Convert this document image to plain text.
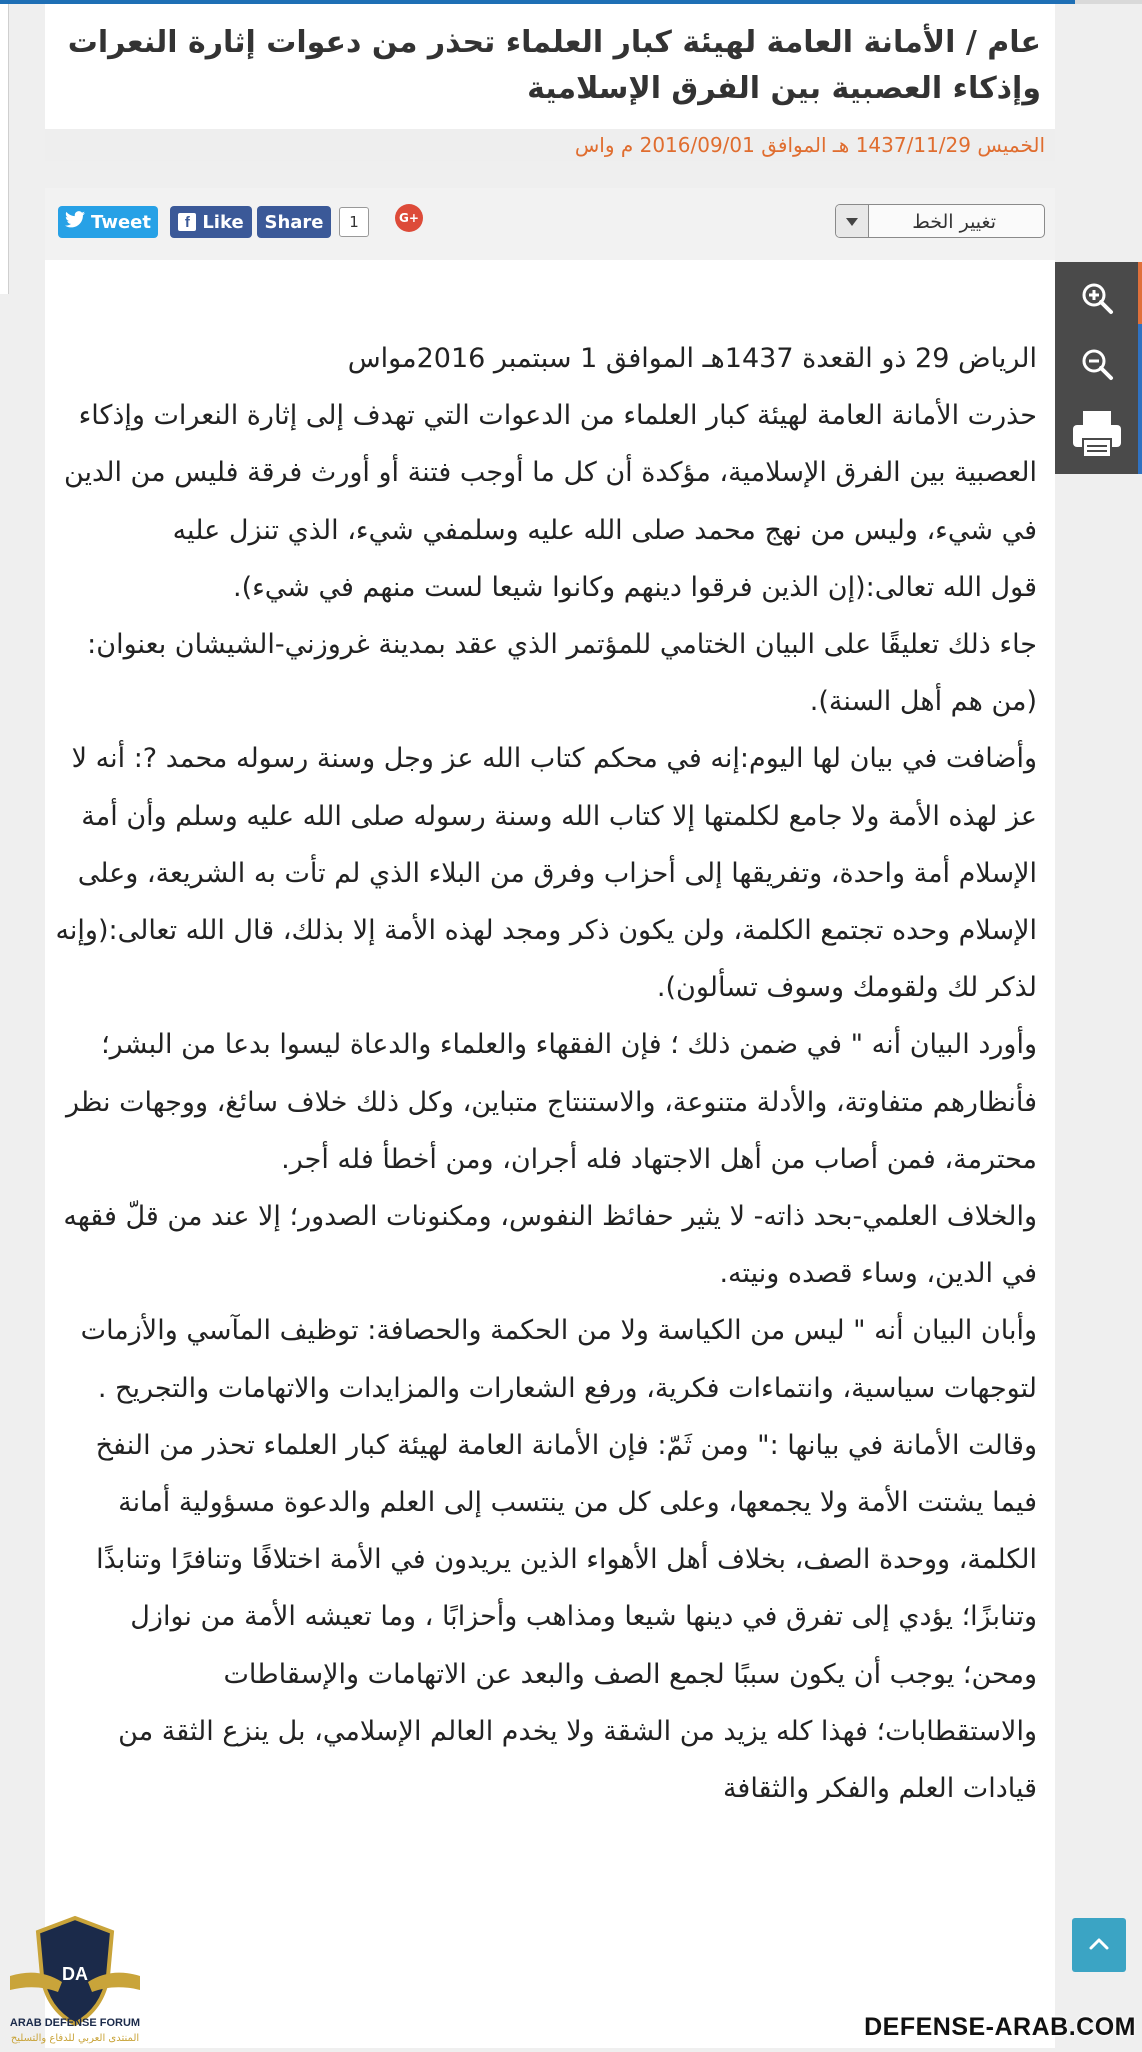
عام / الأمانة العامة لهيئة كبار العلماء تحذر من دعوات إثارة النعرات وإذكاء العصبية بين الفرق الإسلامية
الخميس 1437/11/29 هـ الموافق 2016/09/01 م واس
Tweet	f Like Share	1	G+	تغيير الخط

الرياض 29 ذو القعدة 1437هـ الموافق 1 سبتمبر 2016مواس

حذرت الأمانة العامة لهيئة كبار العلماء من الدعوات التي تهدف إلى إثارة النعرات وإذكاء العصبية بين الفرق الإسلامية، مؤكدة أن كل ما أوجب فتنة أو أورث فرقة فليس من الدين في شيء، وليس من نهج محمد صلى الله عليه وسلمفي شيء، الذي تنزل عليه

قول الله تعالى:(إن الذين فرقوا دينهم وكانوا شيعا لست منهم في شيء).

جاء ذلك تعليقًا على البيان الختامي للمؤتمر الذي عقد بمدينة غروزني-الشيشان بعنوان:(من هم أهل السنة).

وأضافت في بيان لها اليوم:إنه في محكم كتاب الله عز وجل وسنة رسوله محمد ?: أنه لا عز لهذه الأمة ولا جامع لكلمتها إلا كتاب الله وسنة رسوله صلى الله عليه وسلم وأن أمة الإسلام أمة واحدة، وتفريقها إلى أحزاب وفرق من البلاء الذي لم تأت به الشريعة، وعلى الإسلام وحده تجتمع الكلمة، ولن يكون ذكر ومجد لهذه الأمة إلا بذلك، قال الله تعالى:(وإنه لذكر لك ولقومك وسوف تسألون).

وأورد البيان أنه " في ضمن ذلك ؛ فإن الفقهاء والعلماء والدعاة ليسوا بدعا من البشر؛ فأنظارهم متفاوتة، والأدلة متنوعة، والاستنتاج متباين، وكل ذلك خلاف سائغ، ووجهات نظر محترمة، فمن أصاب من أهل الاجتهاد فله أجران، ومن أخطأ فله أجر.

والخلاف العلمي-بحد ذاته- لا يثير حفائظ النفوس، ومكنونات الصدور؛ إلا عند من قلّ فقهه في الدين، وساء قصده ونيته.

وأبان البيان أنه " ليس من الكياسة ولا من الحكمة والحصافة: توظيف المآسي والأزمات لتوجهات سياسية، وانتماءات فكرية، ورفع الشعارات والمزايدات والاتهامات والتجريح .

وقالت الأمانة في بيانها :" ومن ثَمّ: فإن الأمانة العامة لهيئة كبار العلماء تحذر من النفخ فيما يشتت الأمة ولا يجمعها، وعلى كل من ينتسب إلى العلم والدعوة مسؤولية أمانة الكلمة، ووحدة الصف، بخلاف أهل الأهواء الذين يريدون في الأمة اختلافًا وتنافرًا وتنابذًا وتنابزًا؛ يؤدي إلى تفرق في دينها شيعا ومذاهب وأحزابًا ، وما تعيشه الأمة من نوازل ومحن؛ يوجب أن يكون سببًا لجمع الصف والبعد عن الاتهامات والإسقاطات والاستقطابات؛ فهذا كله يزيد من الشقة ولا يخدم العالم الإسلامي، بل ينزع الثقة من قيادات العلم والفكر والثقافة

DA
ARAB DEFENSE FORUM
المنتدى العربي للدفاع والتسليح	DEFENSE-ARAB.COM
